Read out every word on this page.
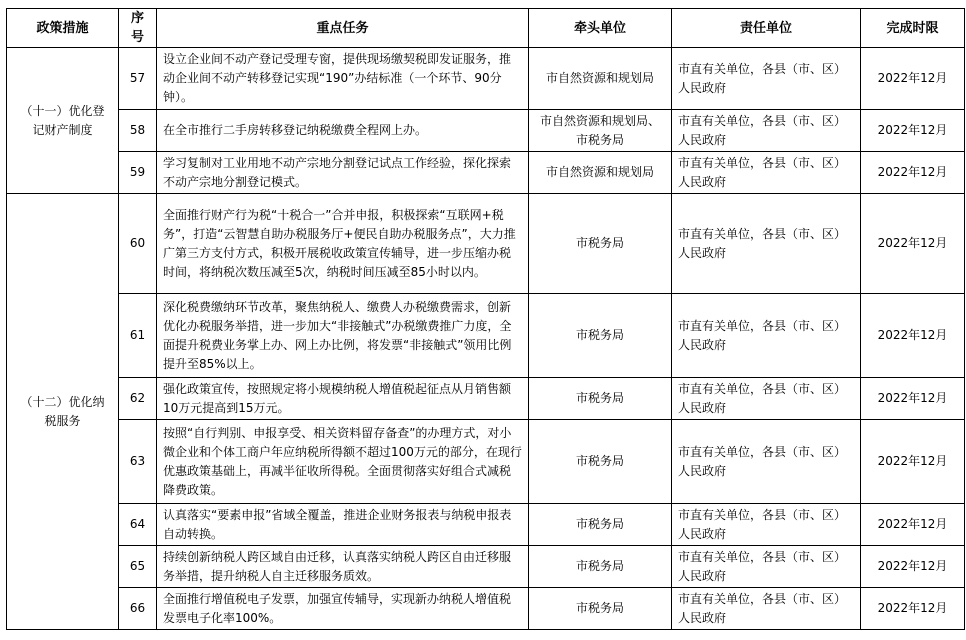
政策措施	序号	重点任务	牵头单位	责任单位	完成时限
（十一）优化登记财产制度	57	设立企业间不动产登记受理专窗，提供现场缴契税即发证服务，推动企业间不动产转移登记实现“190”办结标准（一个环节、90分钟）。	市自然资源和规划局	市直有关单位，各县（市、区）人民政府	2022年12月
	58	在全市推行二手房转移登记纳税缴费全程网上办。	市自然资源和规划局、市税务局	市直有关单位，各县（市、区）人民政府	2022年12月
	59	学习复制对工业用地不动产宗地分割登记试点工作经验，探化探索不动产宗地分割登记模式。	市自然资源和规划局	市直有关单位，各县（市、区）人民政府	2022年12月
（十二）优化纳税服务	60	全面推行财产行为税“十税合一”合并申报，积极探索“互联网+税务”，打造“云智慧自助办税服务厅+便民自助办税服务点”，大力推广第三方支付方式，积极开展税收政策宣传辅导，进一步压缩办税时间，将纳税次数压减至5次，纳税时间压减至85小时以内。	市税务局	市直有关单位，各县（市、区）人民政府	2022年12月
	61	深化税费缴纳环节改革，聚焦纳税人、缴费人办税缴费需求，创新优化办税服务举措，进一步加大“非接触式”办税缴费推广力度，全面提升税费业务掌上办、网上办比例，将发票“非接触式”领用比例提升至85%以上。	市税务局	市直有关单位，各县（市、区）人民政府	2022年12月
	62	强化政策宣传，按照规定将小规模纳税人增值税起征点从月销售额10万元提高到15万元。	市税务局	市直有关单位，各县（市、区）人民政府	2022年12月
	63	按照“自行判别、申报享受、相关资料留存备查”的办理方式，对小微企业和个体工商户年应纳税所得额不超过100万元的部分，在现行优惠政策基础上，再减半征收所得税。全面贯彻落实好组合式减税降费政策。	市税务局	市直有关单位，各县（市、区）人民政府	2022年12月
	64	认真落实“要素申报”省域全覆盖，推进企业财务报表与纳税申报表自动转换。	市税务局	市直有关单位，各县（市、区）人民政府	2022年12月
	65	持续创新纳税人跨区域自由迁移，认真落实纳税人跨区自由迁移服务举措，提升纳税人自主迁移服务质效。	市税务局	市直有关单位，各县（市、区）人民政府	2022年12月
	66	全面推行增值税电子发票，加强宣传辅导，实现新办纳税人增值税发票电子化率100%。	市税务局	市直有关单位，各县（市、区）人民政府	2022年12月
